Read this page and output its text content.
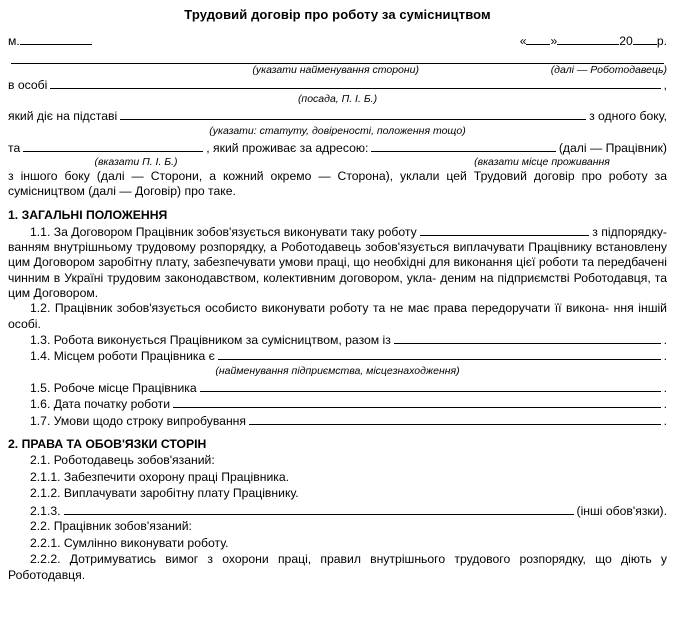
Трудовий договір про роботу за сумісництвом
м.	« »	20 р.
(указати найменування сторони)	(далі — Роботодавець)
в особі	,
(посада, П. І. Б.)
який діє на підставі	з одного боку,
(указати: статуту, довіреності, положення тощо)
та	, який проживає за адресою:	(далі — Працівник)
(вказати П. І. Б.)	(вказати місце проживання
з іншого боку (далі — Сторони, а кожний окремо — Сторона), уклали цей Трудовий договір про роботу за сумісництвом (далі — Договір) про таке.
1. ЗАГАЛЬНІ ПОЛОЖЕННЯ
1.1. За Договором Працівник зобов'язується виконувати таку роботу	з підпорядку-
ванням внутрішньому трудовому розпорядку, а Роботодавець зобов'язується виплачувати Працівнику встановлену цим Договором заробітну плату, забезпечувати умови праці, що необхідні для виконання цієї роботи та передбачені чинним в Україні трудовим законодавством, колективним договором, укла- деним на підприємстві Роботодавця, та цим Договором.
1.2. Працівник зобов'язується особисто виконувати роботу та не має права передоручати її викона- ння іншій особі.
1.3. Робота виконується Працівником за сумісництвом, разом із	.
1.4. Місцем роботи Працівника є	.
(найменування підприємства, місцезнаходження)
1.5. Робоче місце Працівника	.
1.6. Дата початку роботи	.
1.7. Умови щодо строку випробування	.
2. ПРАВА ТА ОБОВ'ЯЗКИ СТОРІН
2.1. Роботодавець зобов'язаний:
2.1.1. Забезпечити охорону праці Працівника.
2.1.2. Виплачувати заробітну плату Працівнику.
2.1.3.	(інші обов'язки).
2.2. Працівник зобов'язаний:
2.2.1. Сумлінно виконувати роботу.
2.2.2. Дотримуватись вимог з охорони праці, правил внутрішнього трудового розпорядку, що діють у Роботодавця.
